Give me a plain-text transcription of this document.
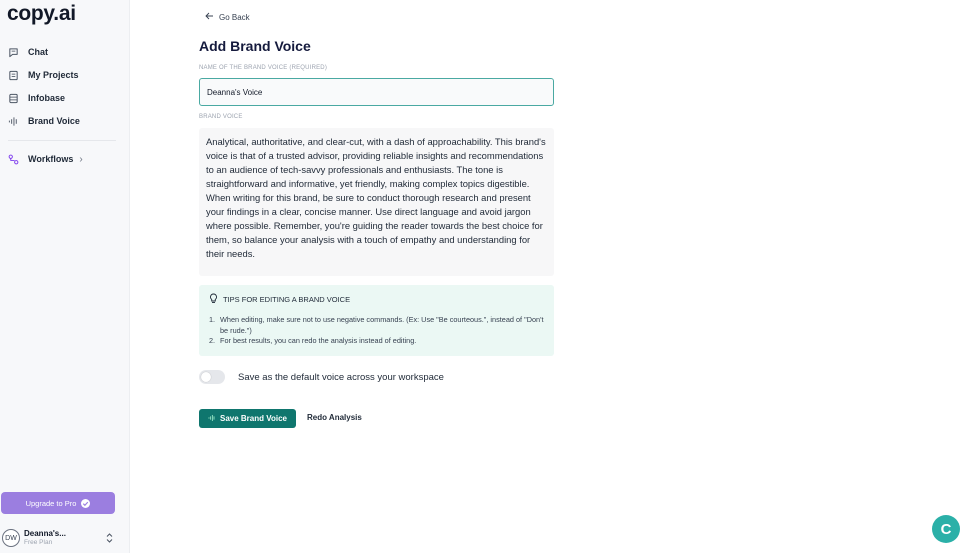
copy.ai
Chat
My Projects
Infobase
Brand Voice
Workflows ›
Upgrade to Pro
DW Deanna's...
Free Plan
Go Back
Add Brand Voice
NAME OF THE BRAND VOICE (REQUIRED)
Deanna's Voice
BRAND VOICE
Analytical, authoritative, and clear-cut, with a dash of approachability. This brand's voice is that of a trusted advisor, providing reliable insights and recommendations to an audience of tech-savvy professionals and enthusiasts. The tone is straightforward and informative, yet friendly, making complex topics digestible. When writing for this brand, be sure to conduct thorough research and present your findings in a clear, concise manner. Use direct language and avoid jargon where possible. Remember, you're guiding the reader towards the best choice for them, so balance your analysis with a touch of empathy and understanding for their needs.
TIPS FOR EDITING A BRAND VOICE
1. When editing, make sure not to use negative commands. (Ex: Use "Be courteous.", instead of "Don't be rude.")
2. For best results, you can redo the analysis instead of editing.
Save as the default voice across your workspace
Save Brand Voice	Redo Analysis
C
